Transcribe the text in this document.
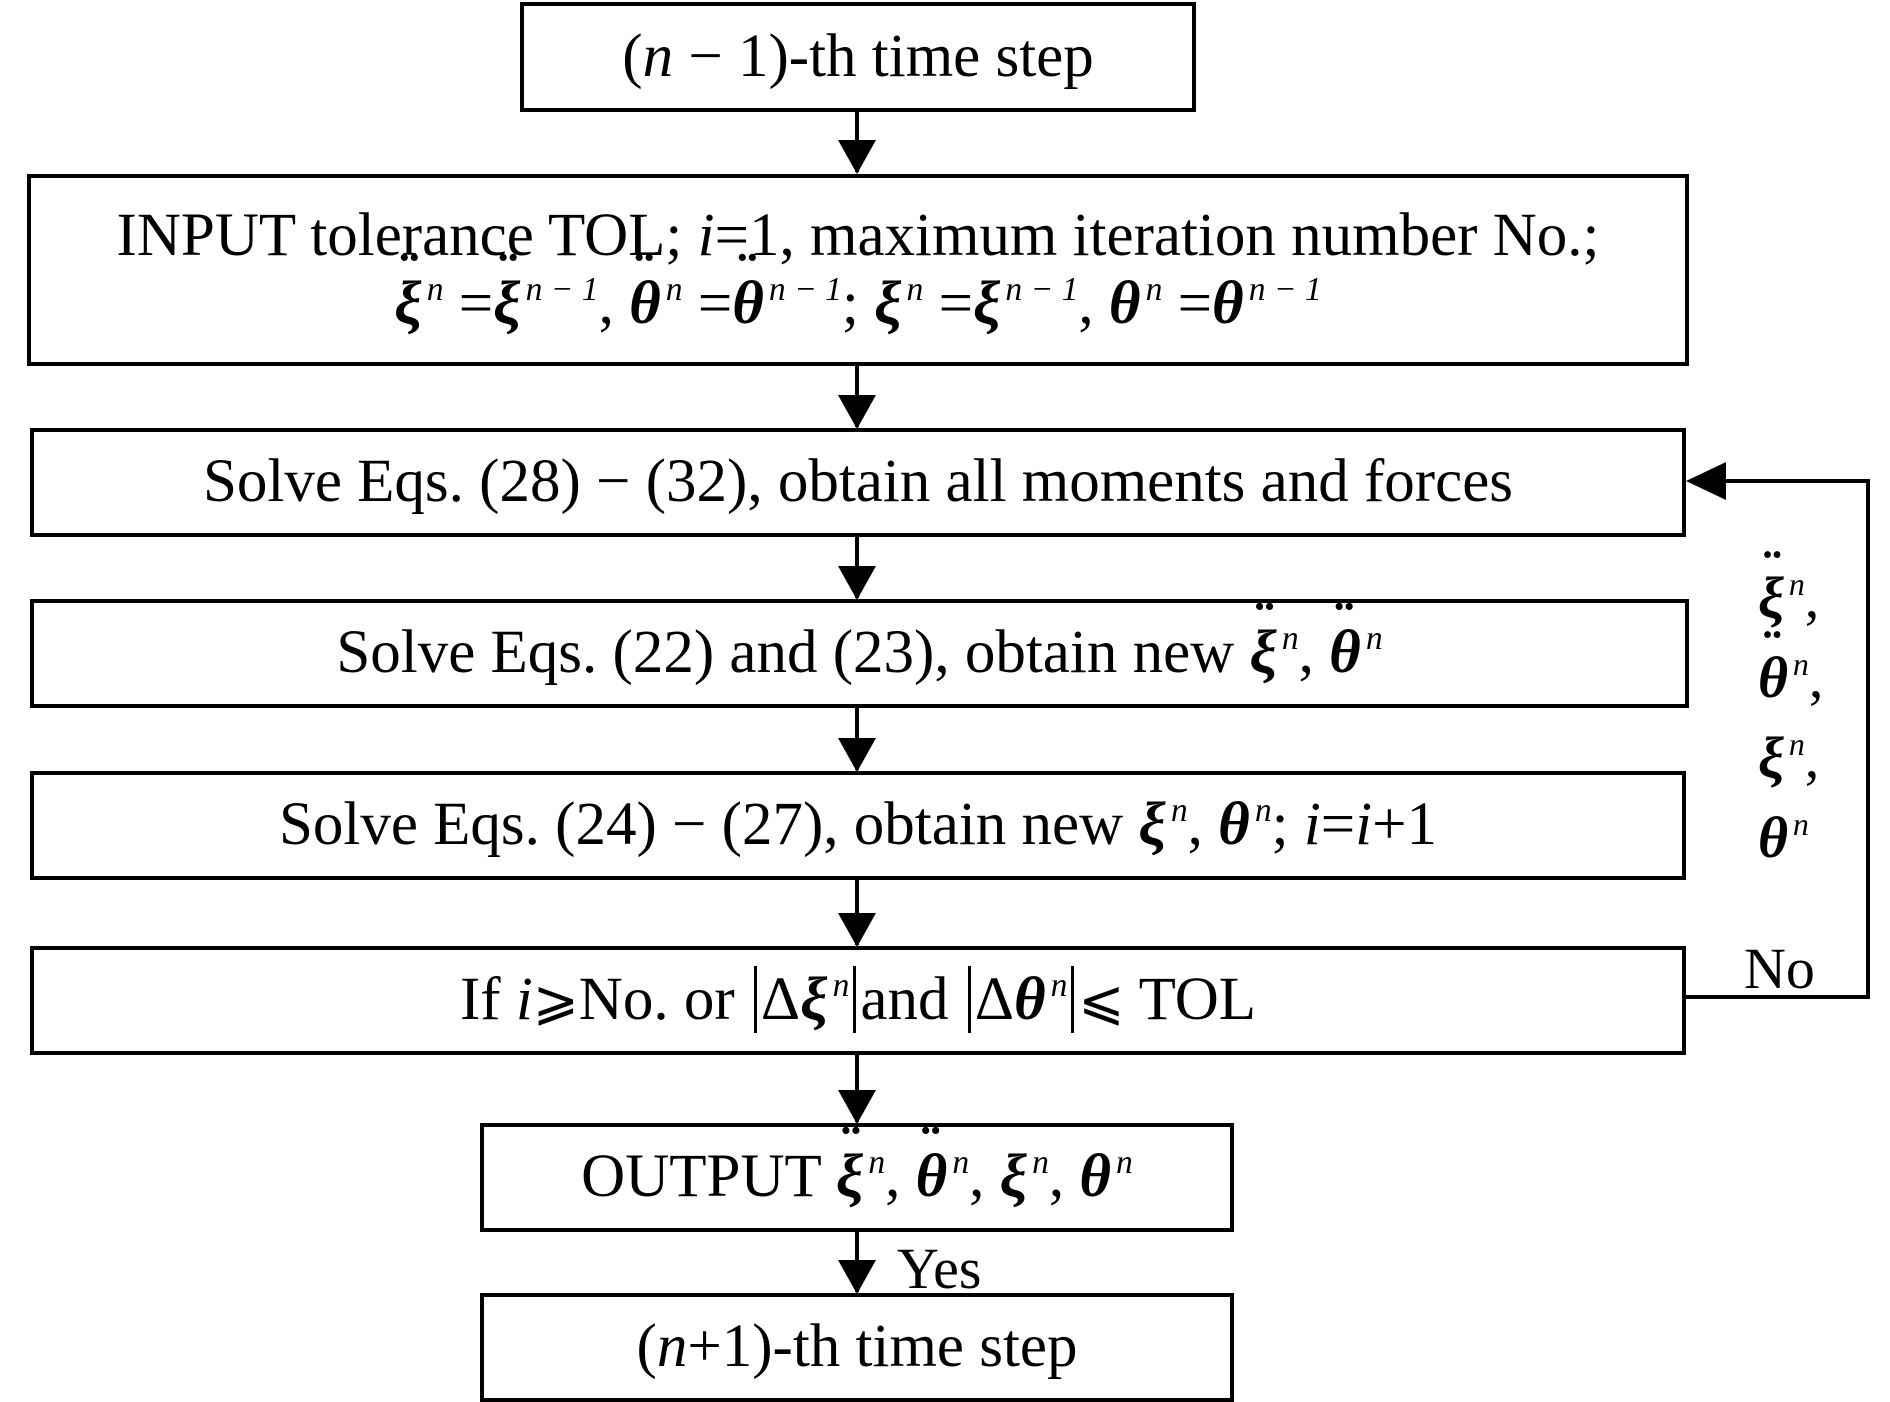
(n − 1)-th time step
INPUT tolerance TOL; i=1, maximum iteration number No.;
¨ ξ $^n$ =¨ ξ $^{n - 1}$, ¨ θ $^n$ =¨ θ $^{n - 1}$; ξ $^n$ =ξ $^{n - 1}$, θ $^n$ =θ $^{n - 1}$
Solve Eqs. (28) − (32), obtain all moments and forces
Solve Eqs. (22) and (23), obtain new ¨ ξ $^n$, ¨ θ $^n$
Solve Eqs. (24) − (27), obtain new ξ $^n$, θ $^n$; i=i+1
If i⩾No. or Δξ $^n$ and Δθ $^n$ ⩽ TOL
OUTPUT ¨ ξ $^n$, ¨ θ $^n$, ξ $^n$, θ $^n$
(n+1)-th time step
Yes
No
¨ ξ $^n$,
¨ θ $^n$,
ξ $^n$,
θ $^n$
